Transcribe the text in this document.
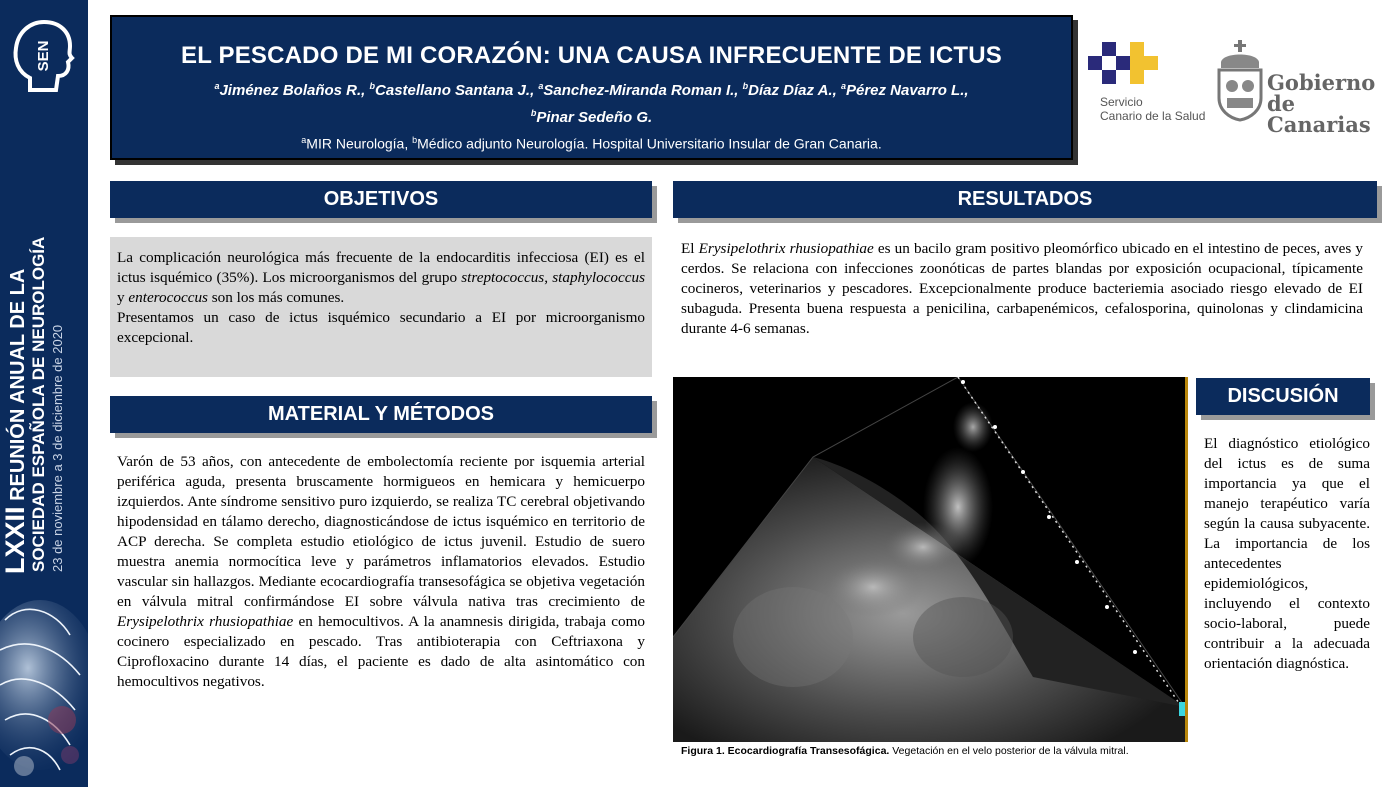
SEN
LXXII REUNIÓN ANUAL DE LA SOCIEDAD ESPAÑOLA DE NEUROLOGÍA 23 de noviembre a 3 de diciembre de 2020
EL PESCADO DE MI CORAZÓN: UNA CAUSA INFRECUENTE DE ICTUS
$^a$Jiménez Bolaños R., $^b$Castellano Santana J., $^a$Sanchez-Miranda Roman I., $^b$Díaz Díaz A., $^a$Pérez Navarro L.,
$^b$Pinar Sedeño G.
$^a$MIR Neurología, $^b$Médico adjunto Neurología. Hospital Universitario Insular de Gran Canaria.
Servicio
Canario de la Salud
Gobierno
de Canarias
OBJETIVOS
La complicación neurológica más frecuente de la endocarditis infecciosa (EI) es el ictus isquémico (35%). Los microorganismos del grupo streptococcus, staphylococcus y enterococcus son los más comunes.
Presentamos un caso de ictus isquémico secundario a EI por microorganismo excepcional.
MATERIAL Y MÉTODOS
Varón de 53 años, con antecedente de embolectomía reciente por isquemia arterial periférica aguda, presenta bruscamente hormigueos en hemicara y hemicuerpo izquierdos. Ante síndrome sensitivo puro izquierdo, se realiza TC cerebral objetivando hipodensidad en tálamo derecho, diagnosticándose de ictus isquémico en territorio de ACP derecha. Se completa estudio etiológico de ictus juvenil. Estudio de suero muestra anemia normocítica leve y parámetros inflamatorios elevados. Estudio vascular sin hallazgos. Mediante ecocardiografía transesofágica se objetiva vegetación en válvula mitral confirmándose EI sobre válvula nativa tras crecimiento de Erysipelothrix rhusiopathiae en hemocultivos. A la anamnesis dirigida, trabaja como cocinero especializado en pescado. Tras antibioterapia con Ceftriaxona y Ciprofloxacino durante 14 días, el paciente es dado de alta asintomático con hemocultivos negativos.
RESULTADOS
El Erysipelothrix rhusiopathiae es un bacilo gram positivo pleomórfico ubicado en el intestino de peces, aves y cerdos. Se relaciona con infecciones zoonóticas de partes blandas por exposición ocupacional, típicamente cocineros, veterinarios y pescadores. Excepcionalmente produce bacteriemia asociado riesgo elevado de EI subaguda. Presenta buena respuesta a penicilina, carbapenémicos, cefalosporina, quinolonas y clindamicina durante 4-6 semanas.
Figura 1. Ecocardiografía Transesofágica. Vegetación en el velo posterior de la válvula mitral.
DISCUSIÓN
El diagnóstico etiológico del ictus es de suma importancia ya que el manejo terapéutico varía según la causa subyacente. La importancia de los antecedentes epidemiológicos, incluyendo el contexto socio-laboral, puede contribuir a la adecuada orientación diagnóstica.
